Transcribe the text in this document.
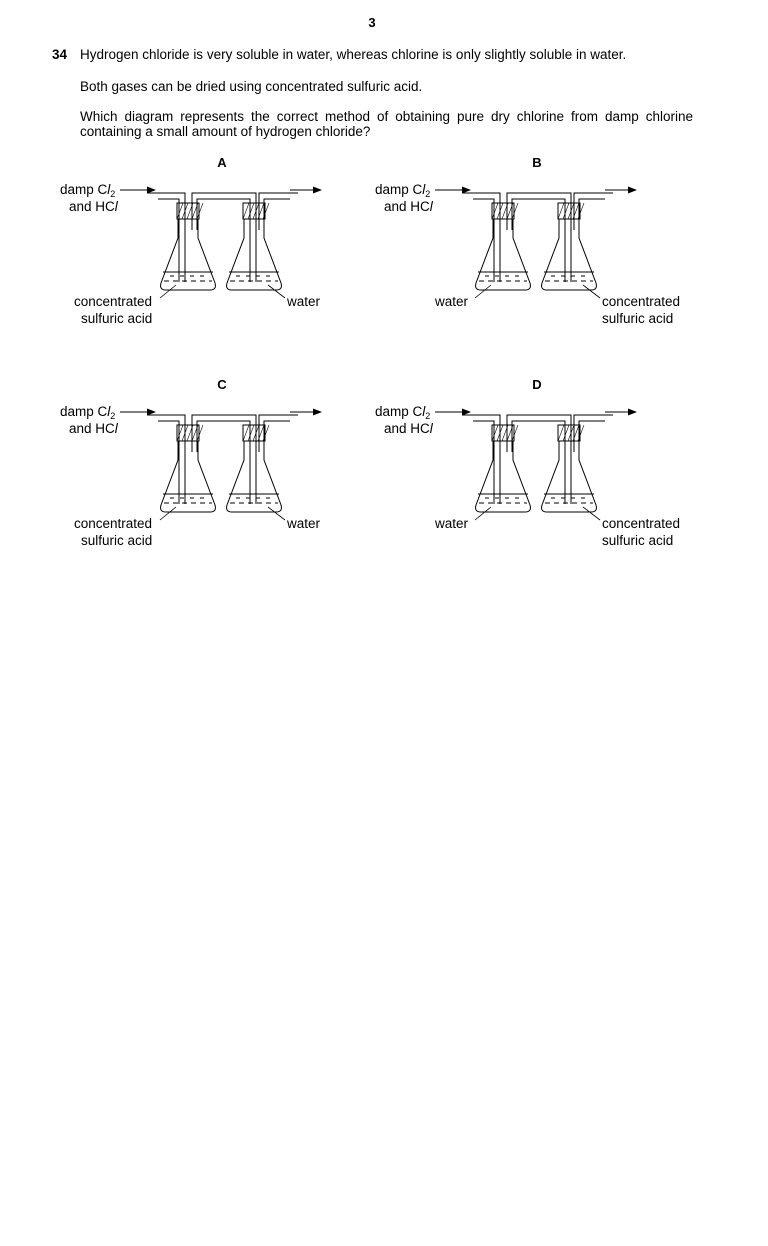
3
34 Hydrogen chloride is very soluble in water, whereas chlorine is only slightly soluble in water.
Both gases can be dried using concentrated sulfuric acid.
Which diagram represents the correct method of obtaining pure dry chlorine from damp chlorine
containing a small amount of hydrogen chloride?
A
damp $Cl_2$
and HCl
concentrated
sulfuric acid
water
B
damp $Cl_2$
and HCl
water	concentrated
sulfuric acid
C
damp $Cl_2$
and HCl
concentrated
sulfuric acid
water
D
damp $Cl_2$
and HCl
water	concentrated
sulfuric acid
